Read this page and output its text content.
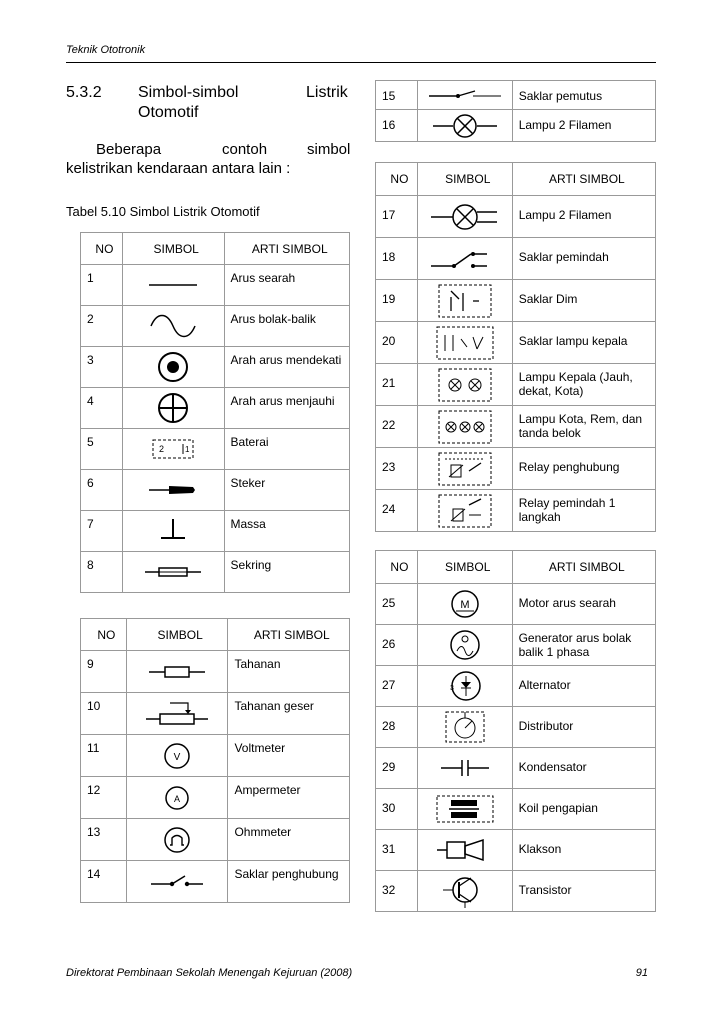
Teknik Ototronik
5.3.2 Simbol-simbol	Listrik
Otomotif
Beberapa	contoh	simbol
kelistrikan kendaraan antara lain :
Tabel 5.10 Simbol Listrik Otomotif
NO	SIMBOL	ARTI SIMBOL
1		Arus searah
2		Arus bolak-balik
3		Arah arus mendekati
4		Arah arus menjauhi
5	2 1	Baterai
6		Steker
7		Massa
8		Sekring
NO	SIMBOL	ARTI SIMBOL
9		Tahanan
10		Tahanan geser
11	V	Voltmeter
12	A	Ampermeter
13		Ohmmeter
14		Saklar penghubung
15		Saklar pemutus
16		Lampu 2 Filamen
NO	SIMBOL	ARTI SIMBOL
17		Lampu 2 Filamen
18		Saklar pemindah
19		Saklar Dim
20		Saklar lampu kepala
21		Lampu Kepala (Jauh, dekat, Kota)
22		Lampu Kota, Rem, dan tanda belok
23		Relay penghubung
24		Relay pemindah 1 langkah
NO	SIMBOL	ARTI SIMBOL
25	M	Motor arus searah
26		Generator arus bolak balik 1 phasa
27	3	Alternator
28		Distributor
29		Kondensator
30		Koil pengapian
31		Klakson
32		Transistor
Direktorat Pembinaan Sekolah Menengah Kejuruan (2008)	91
